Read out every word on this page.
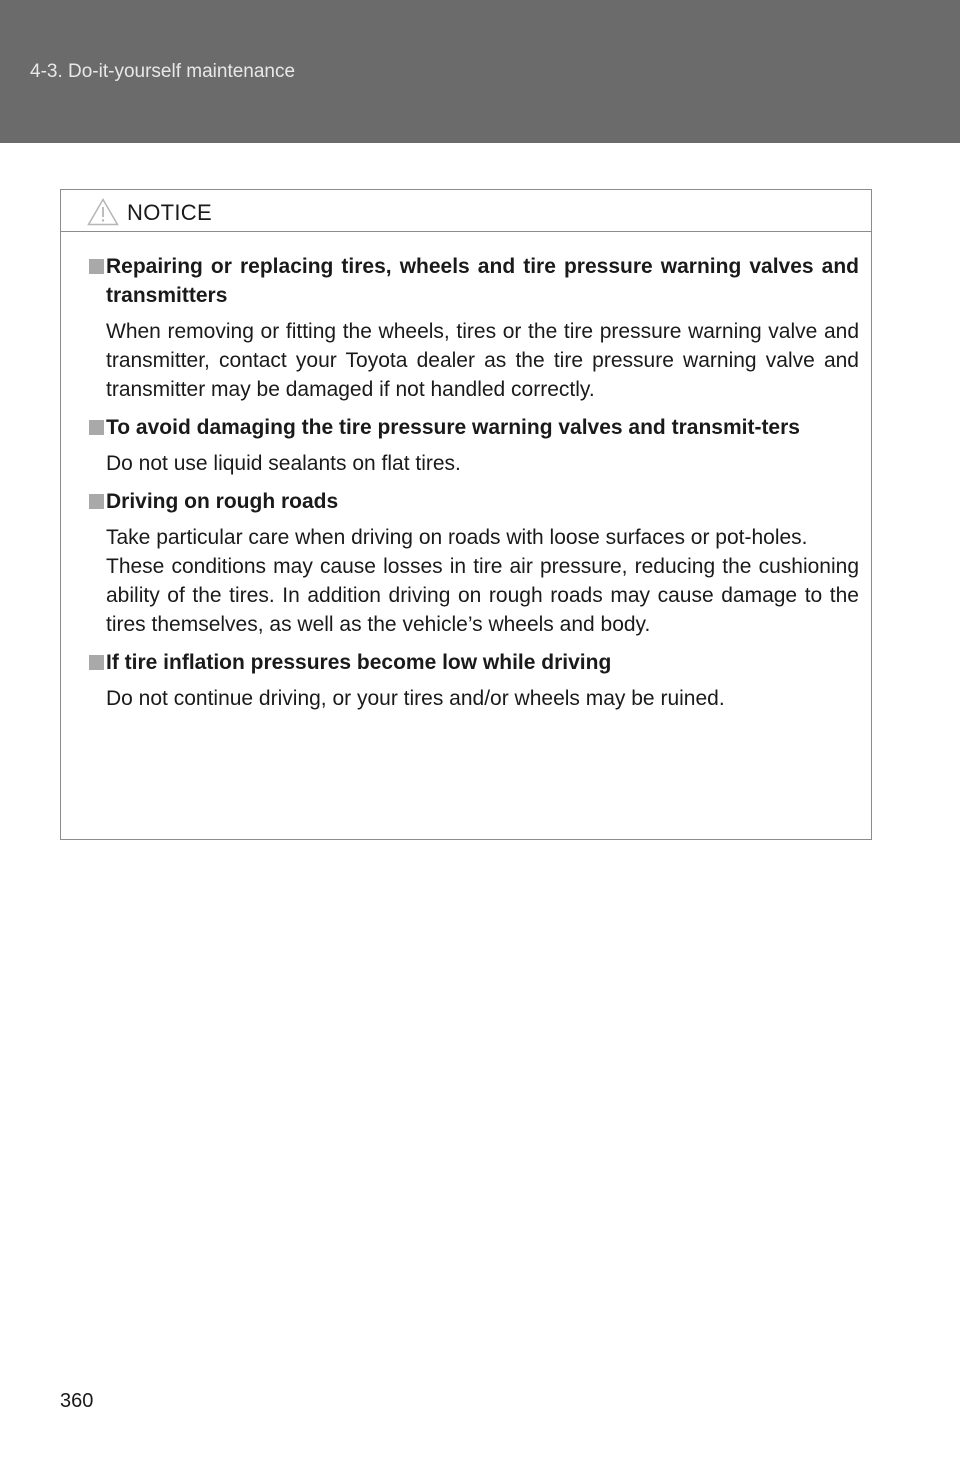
4-3. Do-it-yourself maintenance
NOTICE
Repairing or replacing tires, wheels and tire pressure warning valves and transmitters
When removing or fitting the wheels, tires or the tire pressure warning valve and transmitter, contact your Toyota dealer as the tire pressure warning valve and transmitter may be damaged if not handled correctly.
To avoid damaging the tire pressure warning valves and transmit-ters
Do not use liquid sealants on flat tires.
Driving on rough roads
Take particular care when driving on roads with loose surfaces or pot-holes.
These conditions may cause losses in tire air pressure, reducing the cushioning ability of the tires. In addition driving on rough roads may cause damage to the tires themselves, as well as the vehicle’s wheels and body.
If tire inflation pressures become low while driving
Do not continue driving, or your tires and/or wheels may be ruined.
360
